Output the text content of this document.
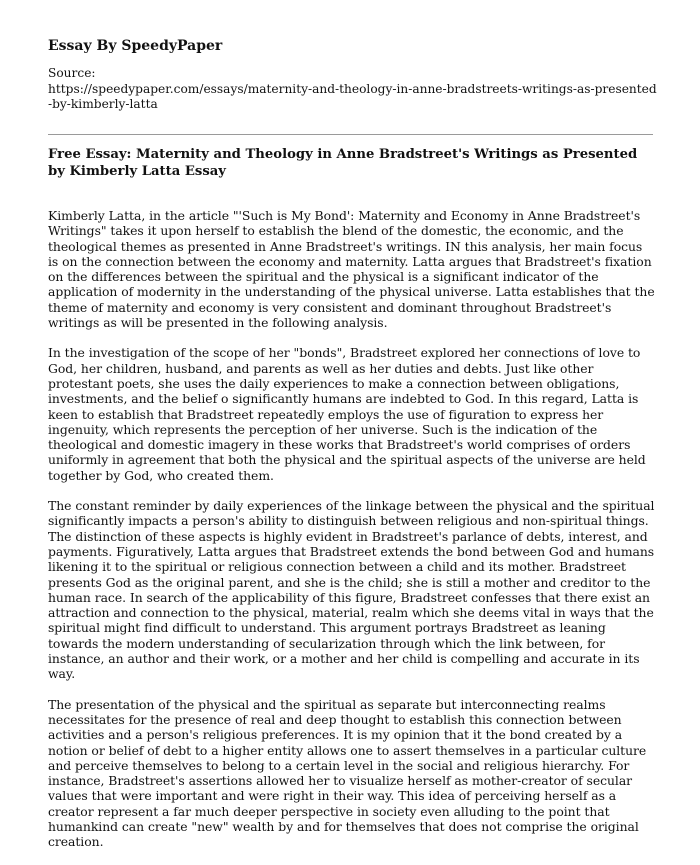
Essay By SpeedyPaper

Source:
https://speedypaper.com/essays/maternity-and-theology-in-anne-bradstreets-writings-as-presented-by-kimberly-latta
Free Essay: Maternity and Theology in Anne Bradstreet's Writings as Presented by Kimberly Latta Essay

Kimberly Latta, in the article "'Such is My Bond': Maternity and Economy in Anne Bradstreet's Writings" takes it upon herself to establish the blend of the domestic, the economic, and the theological themes as presented in Anne Bradstreet's writings. IN this analysis, her main focus is on the connection between the economy and maternity. Latta argues that Bradstreet's fixation on the differences between the spiritual and the physical is a significant indicator of the application of modernity in the understanding of the physical universe. Latta establishes that the theme of maternity and economy is very consistent and dominant throughout Bradstreet's writings as will be presented in the following analysis.

In the investigation of the scope of her "bonds", Bradstreet explored her connections of love to God, her children, husband, and parents as well as her duties and debts. Just like other protestant poets, she uses the daily experiences to make a connection between obligations, investments, and the belief o significantly humans are indebted to God. In this regard, Latta is keen to establish that Bradstreet repeatedly employs the use of figuration to express her ingenuity, which represents the perception of her universe. Such is the indication of the theological and domestic imagery in these works that Bradstreet's world comprises of orders uniformly in agreement that both the physical and the spiritual aspects of the universe are held together by God, who created them.

The constant reminder by daily experiences of the linkage between the physical and the spiritual significantly impacts a person's ability to distinguish between religious and non-spiritual things. The distinction of these aspects is highly evident in Bradstreet's parlance of debts, interest, and payments. Figuratively, Latta argues that Bradstreet extends the bond between God and humans likening it to the spiritual or religious connection between a child and its mother. Bradstreet presents God as the original parent, and she is the child; she is still a mother and creditor to the human race. In search of the applicability of this figure, Bradstreet confesses that there exist an attraction and connection to the physical, material, realm which she deems vital in ways that the spiritual might find difficult to understand. This argument portrays Bradstreet as leaning towards the modern understanding of secularization through which the link between, for instance, an author and their work, or a mother and her child is compelling and accurate in its way.

The presentation of the physical and the spiritual as separate but interconnecting realms necessitates for the presence of real and deep thought to establish this connection between activities and a person's religious preferences. It is my opinion that it the bond created by a notion or belief of debt to a higher entity allows one to assert themselves in a particular culture and perceive themselves to belong to a certain level in the social and religious hierarchy. For instance, Bradstreet's assertions allowed her to visualize herself as mother-creator of secular values that were important and were right in their way. This idea of perceiving herself as a creator represent a far much deeper perspective in society even alluding to the point that humankind can create "new" wealth by and for themselves that does not comprise the original creation.
